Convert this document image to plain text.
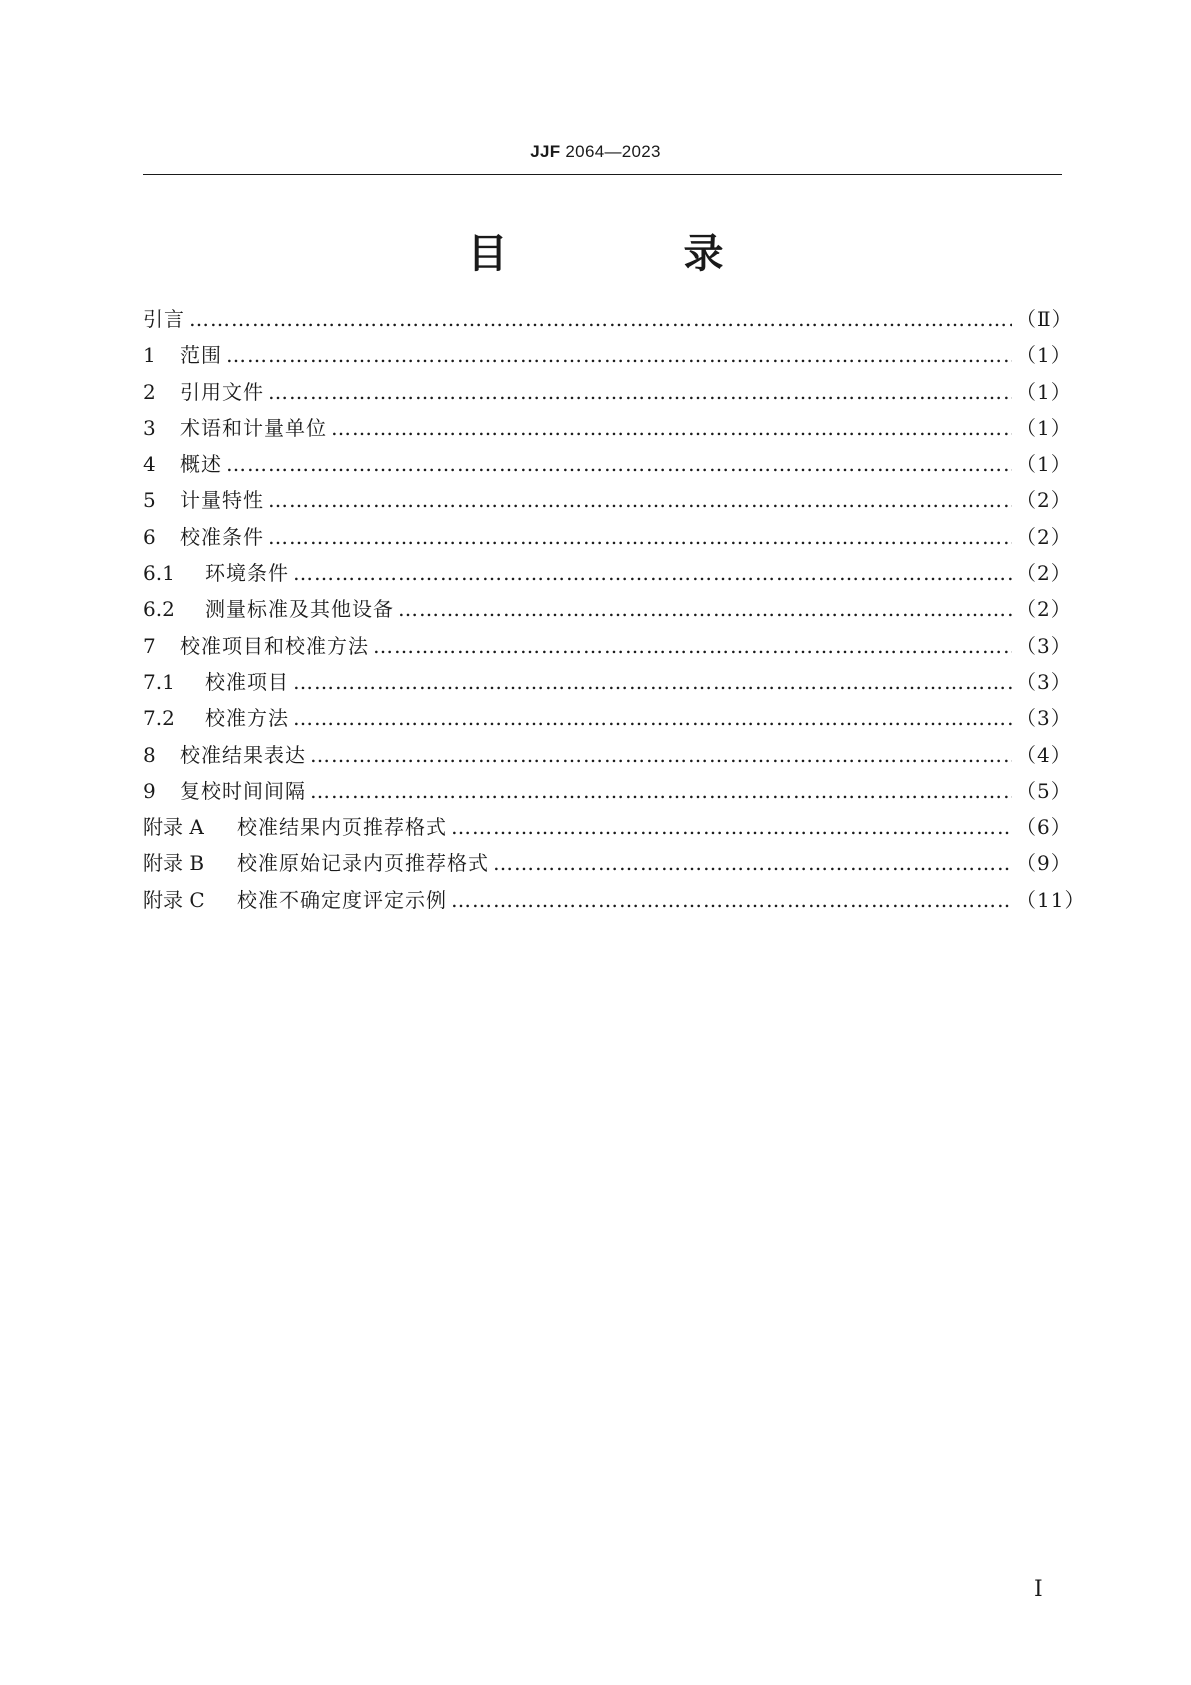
JJF 2064—2023
目　录
引言 ……………………………………………………………………………………………………………………………………………………	（Ⅱ）
1	范围 ……………………………………………………………………………………………………………………………………………………	（1）
2	引用文件 ……………………………………………………………………………………………………………………………………………………	（1）
3	术语和计量单位 ……………………………………………………………………………………………………………………………………………………	（1）
4	概述 ……………………………………………………………………………………………………………………………………………………	（1）
5	计量特性 ……………………………………………………………………………………………………………………………………………………	（2）
6	校准条件 ……………………………………………………………………………………………………………………………………………………	（2）
6.1	环境条件 ……………………………………………………………………………………………………………………………………………………	（2）
6.2	测量标准及其他设备 ……………………………………………………………………………………………………………………………………………………	（2）
7	校准项目和校准方法 ……………………………………………………………………………………………………………………………………………………	（3）
7.1	校准项目 ……………………………………………………………………………………………………………………………………………………	（3）
7.2	校准方法 ……………………………………………………………………………………………………………………………………………………	（3）
8	校准结果表达 ……………………………………………………………………………………………………………………………………………………	（4）
9	复校时间间隔 ……………………………………………………………………………………………………………………………………………………	（5）
附录 A	校准结果内页推荐格式 ……………………………………………………………………………………………………………………………………………………	（6）
附录 B	校准原始记录内页推荐格式 ……………………………………………………………………………………………………………………………………………………	（9）
附录 C	校准不确定度评定示例 ……………………………………………………………………………………………………………………………………………………	（11）
Ⅰ
